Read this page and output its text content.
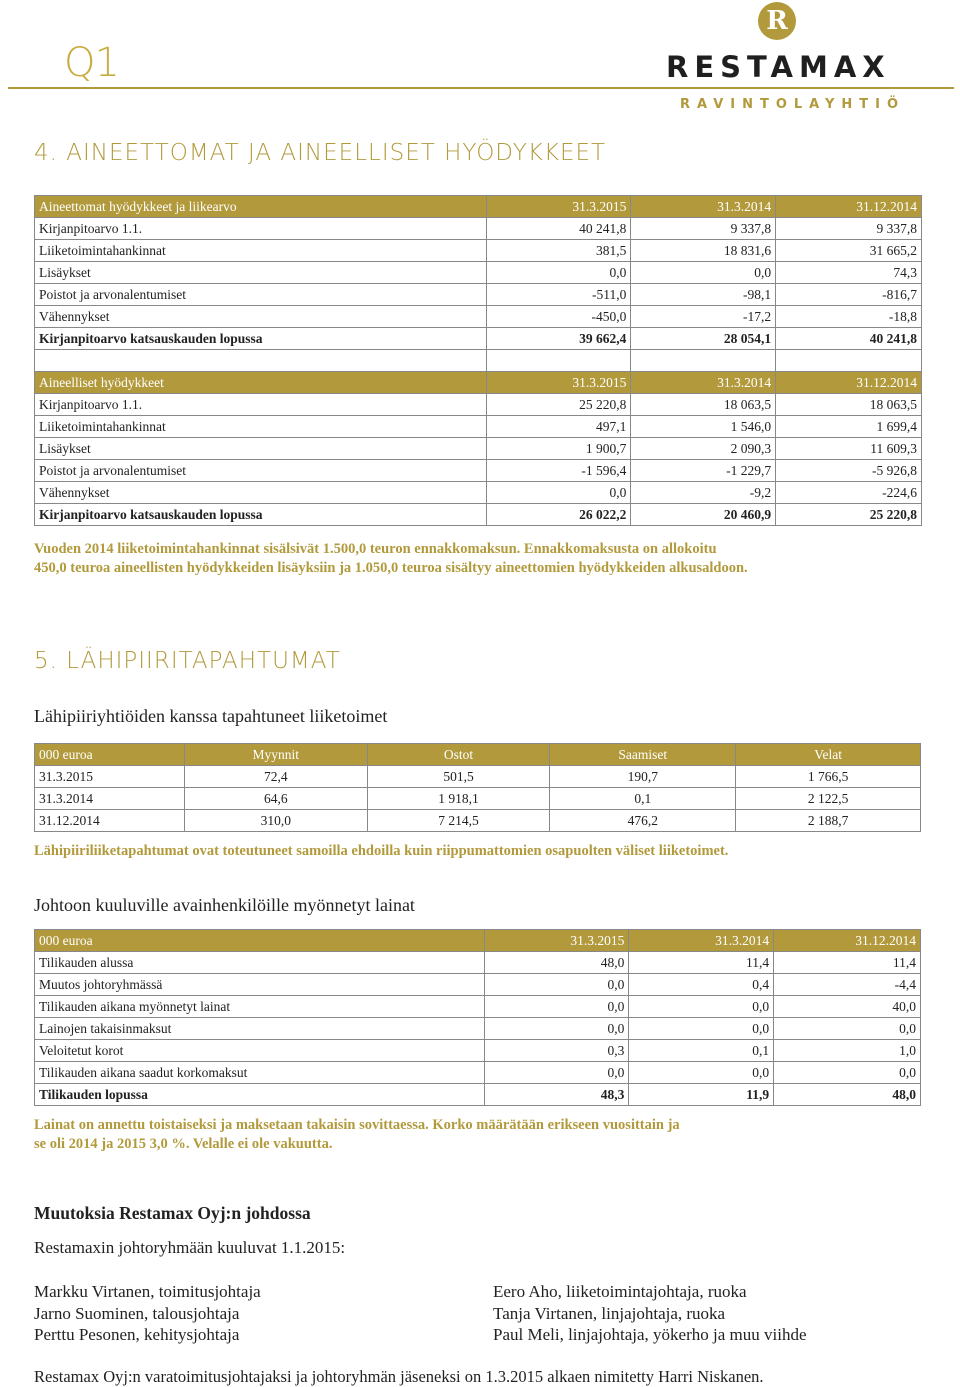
Q1
R
RESTAMAX
RAVINTOLAYHTIÖ
4. AINEETTOMAT JA AINEELLISET HYÖDYKKEET
Aineettomat hyödykkeet ja liikearvo	31.3.2015	31.3.2014	31.12.2014
Kirjanpitoarvo 1.1.	40 241,8	9 337,8	9 337,8
Liiketoimintahankinnat	381,5	18 831,6	31 665,2
Lisäykset	0,0	0,0	74,3
Poistot ja arvonalentumiset	-511,0	-98,1	-816,7
Vähennykset	-450,0	-17,2	-18,8
Kirjanpitoarvo katsauskauden lopussa	39 662,4	28 054,1	40 241,8

Aineelliset hyödykkeet	31.3.2015	31.3.2014	31.12.2014
Kirjanpitoarvo 1.1.	25 220,8	18 063,5	18 063,5
Liiketoimintahankinnat	497,1	1 546,0	1 699,4
Lisäykset	1 900,7	2 090,3	11 609,3
Poistot ja arvonalentumiset	-1 596,4	-1 229,7	-5 926,8
Vähennykset	0,0	-9,2	-224,6
Kirjanpitoarvo katsauskauden lopussa	26 022,2	20 460,9	25 220,8
Vuoden 2014 liiketoimintahankinnat sisälsivät 1.500,0 teuron ennakkomaksun. Ennakkomaksusta on allokoitu
450,0 teuroa aineellisten hyödykkeiden lisäyksiin ja 1.050,0 teuroa sisältyy aineettomien hyödykkeiden alkusaldoon.
5. LÄHIPIIRITAPAHTUMAT
Lähipiiriyhtiöiden kanssa tapahtuneet liiketoimet
000 euroa	Myynnit	Ostot	Saamiset	Velat
31.3.2015	72,4	501,5	190,7	1 766,5
31.3.2014	64,6	1 918,1	0,1	2 122,5
31.12.2014	310,0	7 214,5	476,2	2 188,7
Lähipiiriliiketapahtumat ovat toteutuneet samoilla ehdoilla kuin riippumattomien osapuolten väliset liiketoimet.
Johtoon kuuluville avainhenkilöille myönnetyt lainat
000 euroa	31.3.2015	31.3.2014	31.12.2014
Tilikauden alussa	48,0	11,4	11,4
Muutos johtoryhmässä	0,0	0,4	-4,4
Tilikauden aikana myönnetyt lainat	0,0	0,0	40,0
Lainojen takaisinmaksut	0,0	0,0	0,0
Veloitetut korot	0,3	0,1	1,0
Tilikauden aikana saadut korkomaksut	0,0	0,0	0,0
Tilikauden lopussa	48,3	11,9	48,0
Lainat on annettu toistaiseksi ja maksetaan takaisin sovittaessa. Korko määrätään erikseen vuosittain ja
se oli 2014 ja 2015 3,0 %. Velalle ei ole vakuutta.
Muutoksia Restamax Oyj:n johdossa
Restamaxin johtoryhmään kuuluvat 1.1.2015:
Markku Virtanen, toimitusjohtaja
Jarno Suominen, talousjohtaja
Perttu Pesonen, kehitysjohtaja
Eero Aho, liiketoimintajohtaja, ruoka
Tanja Virtanen, linjajohtaja, ruoka
Paul Meli, linjajohtaja, yökerho ja muu viihde
Restamax Oyj:n varatoimitusjohtajaksi ja johtoryhmän jäseneksi on 1.3.2015 alkaen nimitetty Harri Niskanen.
